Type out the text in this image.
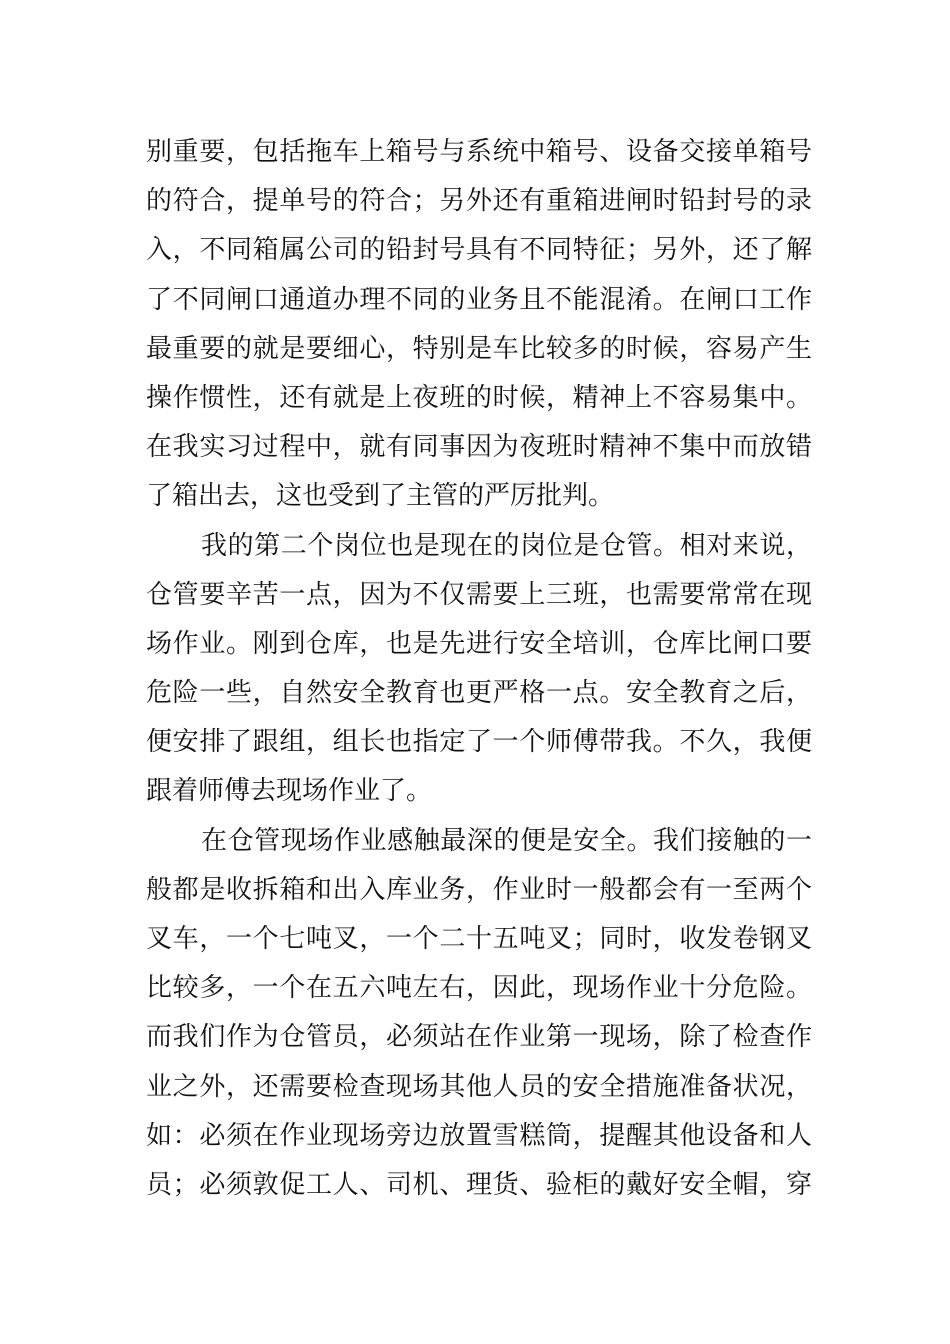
别重要，包括拖车上箱号与系统中箱号、设备交接单箱号
的符合，提单号的符合；另外还有重箱进闸时铅封号的录
入，不同箱属公司的铅封号具有不同特征；另外，还了解
了不同闸口通道办理不同的业务且不能混淆。在闸口工作
最重要的就是要细心，特别是车比较多的时候，容易产生
操作惯性，还有就是上夜班的时候，精神上不容易集中。
在我实习过程中，就有同事因为夜班时精神不集中而放错
了箱出去，这也受到了主管的严厉批判。
我的第二个岗位也是现在的岗位是仓管。相对来说，
仓管要辛苦一点，因为不仅需要上三班，也需要常常在现
场作业。刚到仓库，也是先进行安全培训，仓库比闸口要
危险一些，自然安全教育也更严格一点。安全教育之后，
便安排了跟组，组长也指定了一个师傅带我。不久，我便
跟着师傅去现场作业了。
在仓管现场作业感触最深的便是安全。我们接触的一
般都是收拆箱和出入库业务，作业时一般都会有一至两个
叉车，一个七吨叉，一个二十五吨叉；同时，收发卷钢叉
比较多，一个在五六吨左右，因此，现场作业十分危险。
而我们作为仓管员，必须站在作业第一现场，除了检查作
业之外，还需要检查现场其他人员的安全措施准备状况，
如：必须在作业现场旁边放置雪糕筒，提醒其他设备和人
员；必须敦促工人、司机、理货、验柜的戴好安全帽，穿
